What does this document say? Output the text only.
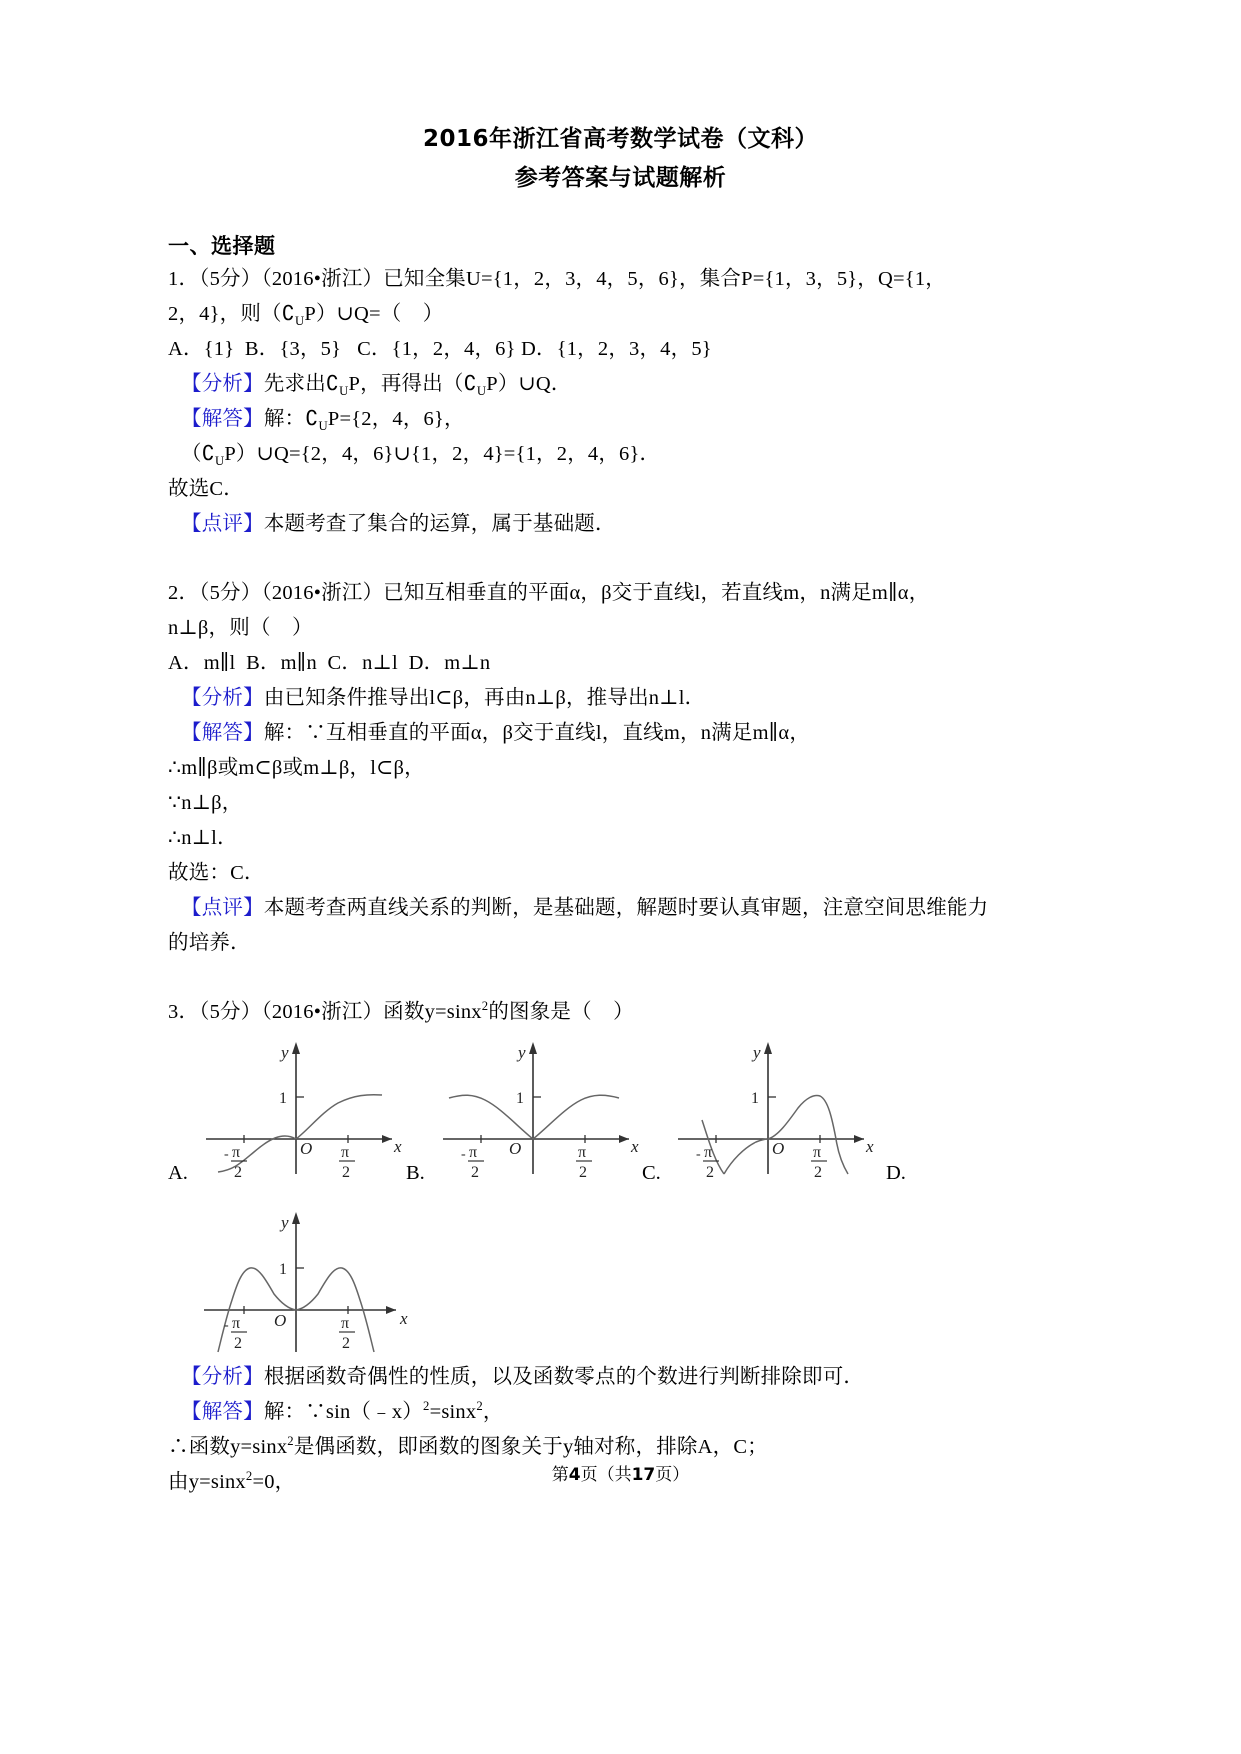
2016年浙江省高考数学试卷（文科）
参考答案与试题解析
一、选择题
1．（5分）（2016•浙江）已知全集U={1，2，3，4，5，6}，集合P={1，3，5}，Q={1，
2，4}，则$(∁_UP)\cup Q=$（    ）
A．{1}  B．{3，5}   C．{1，2，4，6} D．{1，2，3，4，5}
【分析】先求出$∁_UP$，再得出$(∁_UP)\cup Q$．
【解答】解：$∁_UP=\{2$，4，6}，
$(∁_UP)\cup Q=\{2$，4，6}∪{1，2，4}={1，2，4，6}．
故选C．
【点评】本题考查了集合的运算，属于基础题．
2．（5分）（2016•浙江）已知互相垂直的平面α，β交于直线l，若直线m，n满足m∥α，
n⊥β，则（    ）
A．m∥l  B．m∥n  C．n⊥l  D．m⊥n
【分析】由已知条件推导出l⊂β，再由n⊥β，推导出n⊥l．
【解答】解：∵互相垂直的平面α，β交于直线l，直线m，n满足m∥α，
∴m∥β或m⊂β或m⊥β，l⊂β，
∵n⊥β，
∴n⊥l．
故选：C．
【点评】本题考查两直线关系的判断，是基础题，解题时要认真审题，注意空间思维能力
的培养．
3．（5分）（2016•浙江）函数y=sinx$^2$的图象是（    ）
y
x
O
1
- π
2
π
2
y
x
O
1
- π
2
π
2
y
x
O
1
- π
2
π
2
A.	B.	C.	D.
y
x
O
1
- π
2
π
2
【分析】根据函数奇偶性的性质，以及函数零点的个数进行判断排除即可．
【解答】解：∵sin（﹣x）$^2$=sinx$^2$，
∴函数y=sinx$^2$是偶函数，即函数的图象关于y轴对称，排除A，C；
由y=sinx$^2$=0，	第4页（共17页）
